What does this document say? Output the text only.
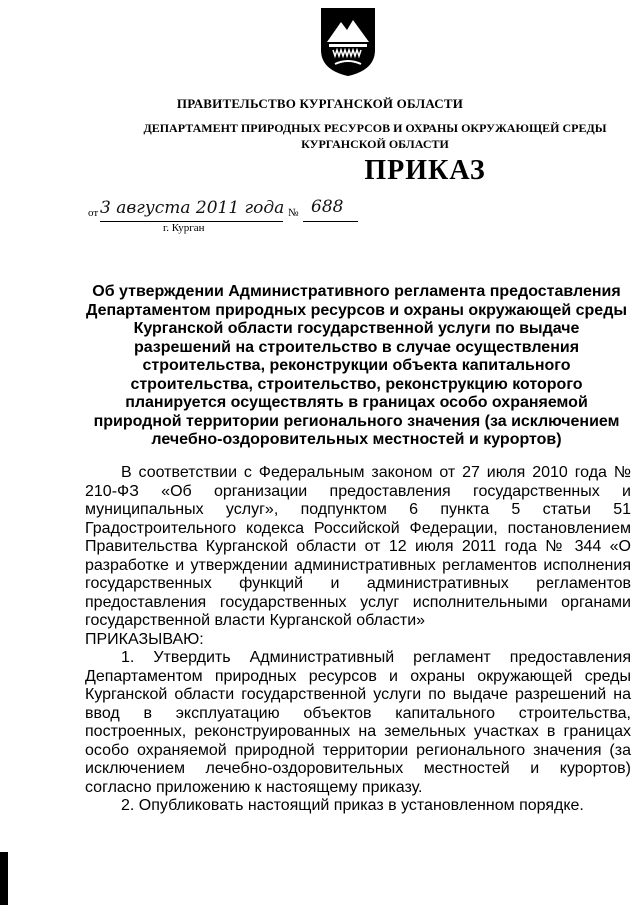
ПРАВИТЕЛЬСТВО КУРГАНСКОЙ ОБЛАСТИ
ДЕПАРТАМЕНТ ПРИРОДНЫХ РЕСУРСОВ И ОХРАНЫ ОКРУЖАЮЩЕЙ СРЕДЫ КУРГАНСКОЙ ОБЛАСТИ
ПРИКАЗ
от 3 августа 2011 года № 688
г. Курган
Об утверждении Административного регламента предоставления Департаментом природных ресурсов и охраны окружающей среды Курганской области государственной услуги по выдаче разрешений на строительство в случае осуществления строительства, реконструкции объекта капитального строительства, строительство, реконструкцию которого планируется осуществлять в границах особо охраняемой природной территории регионального значения (за исключением лечебно-оздоровительных местностей и курортов)

В соответствии с Федеральным законом от 27 июля 2010 года № 210-ФЗ «Об организации предоставления государственных и муниципальных услуг», подпунктом 6 пункта 5 статьи 51 Градостроительного кодекса Российской Федерации, постановлением Правительства Курганской области от 12 июля 2011 года № 344 «О разработке и утверждении административных регламентов исполнения государственных функций и административных регламентов предоставления государственных услуг исполнительными органами государственной власти Курганской области»

ПРИКАЗЫВАЮ:

1. Утвердить Административный регламент предоставления Департаментом природных ресурсов и охраны окружающей среды Курганской области государственной услуги по выдаче разрешений на ввод в эксплуатацию объектов капитального строительства, построенных, реконструированных на земельных участках в границах особо охраняемой природной территории регионального значения (за исключением лечебно-оздоровительных местностей и курортов) согласно приложению к настоящему приказу.

2. Опубликовать настоящий приказ в установленном порядке.
